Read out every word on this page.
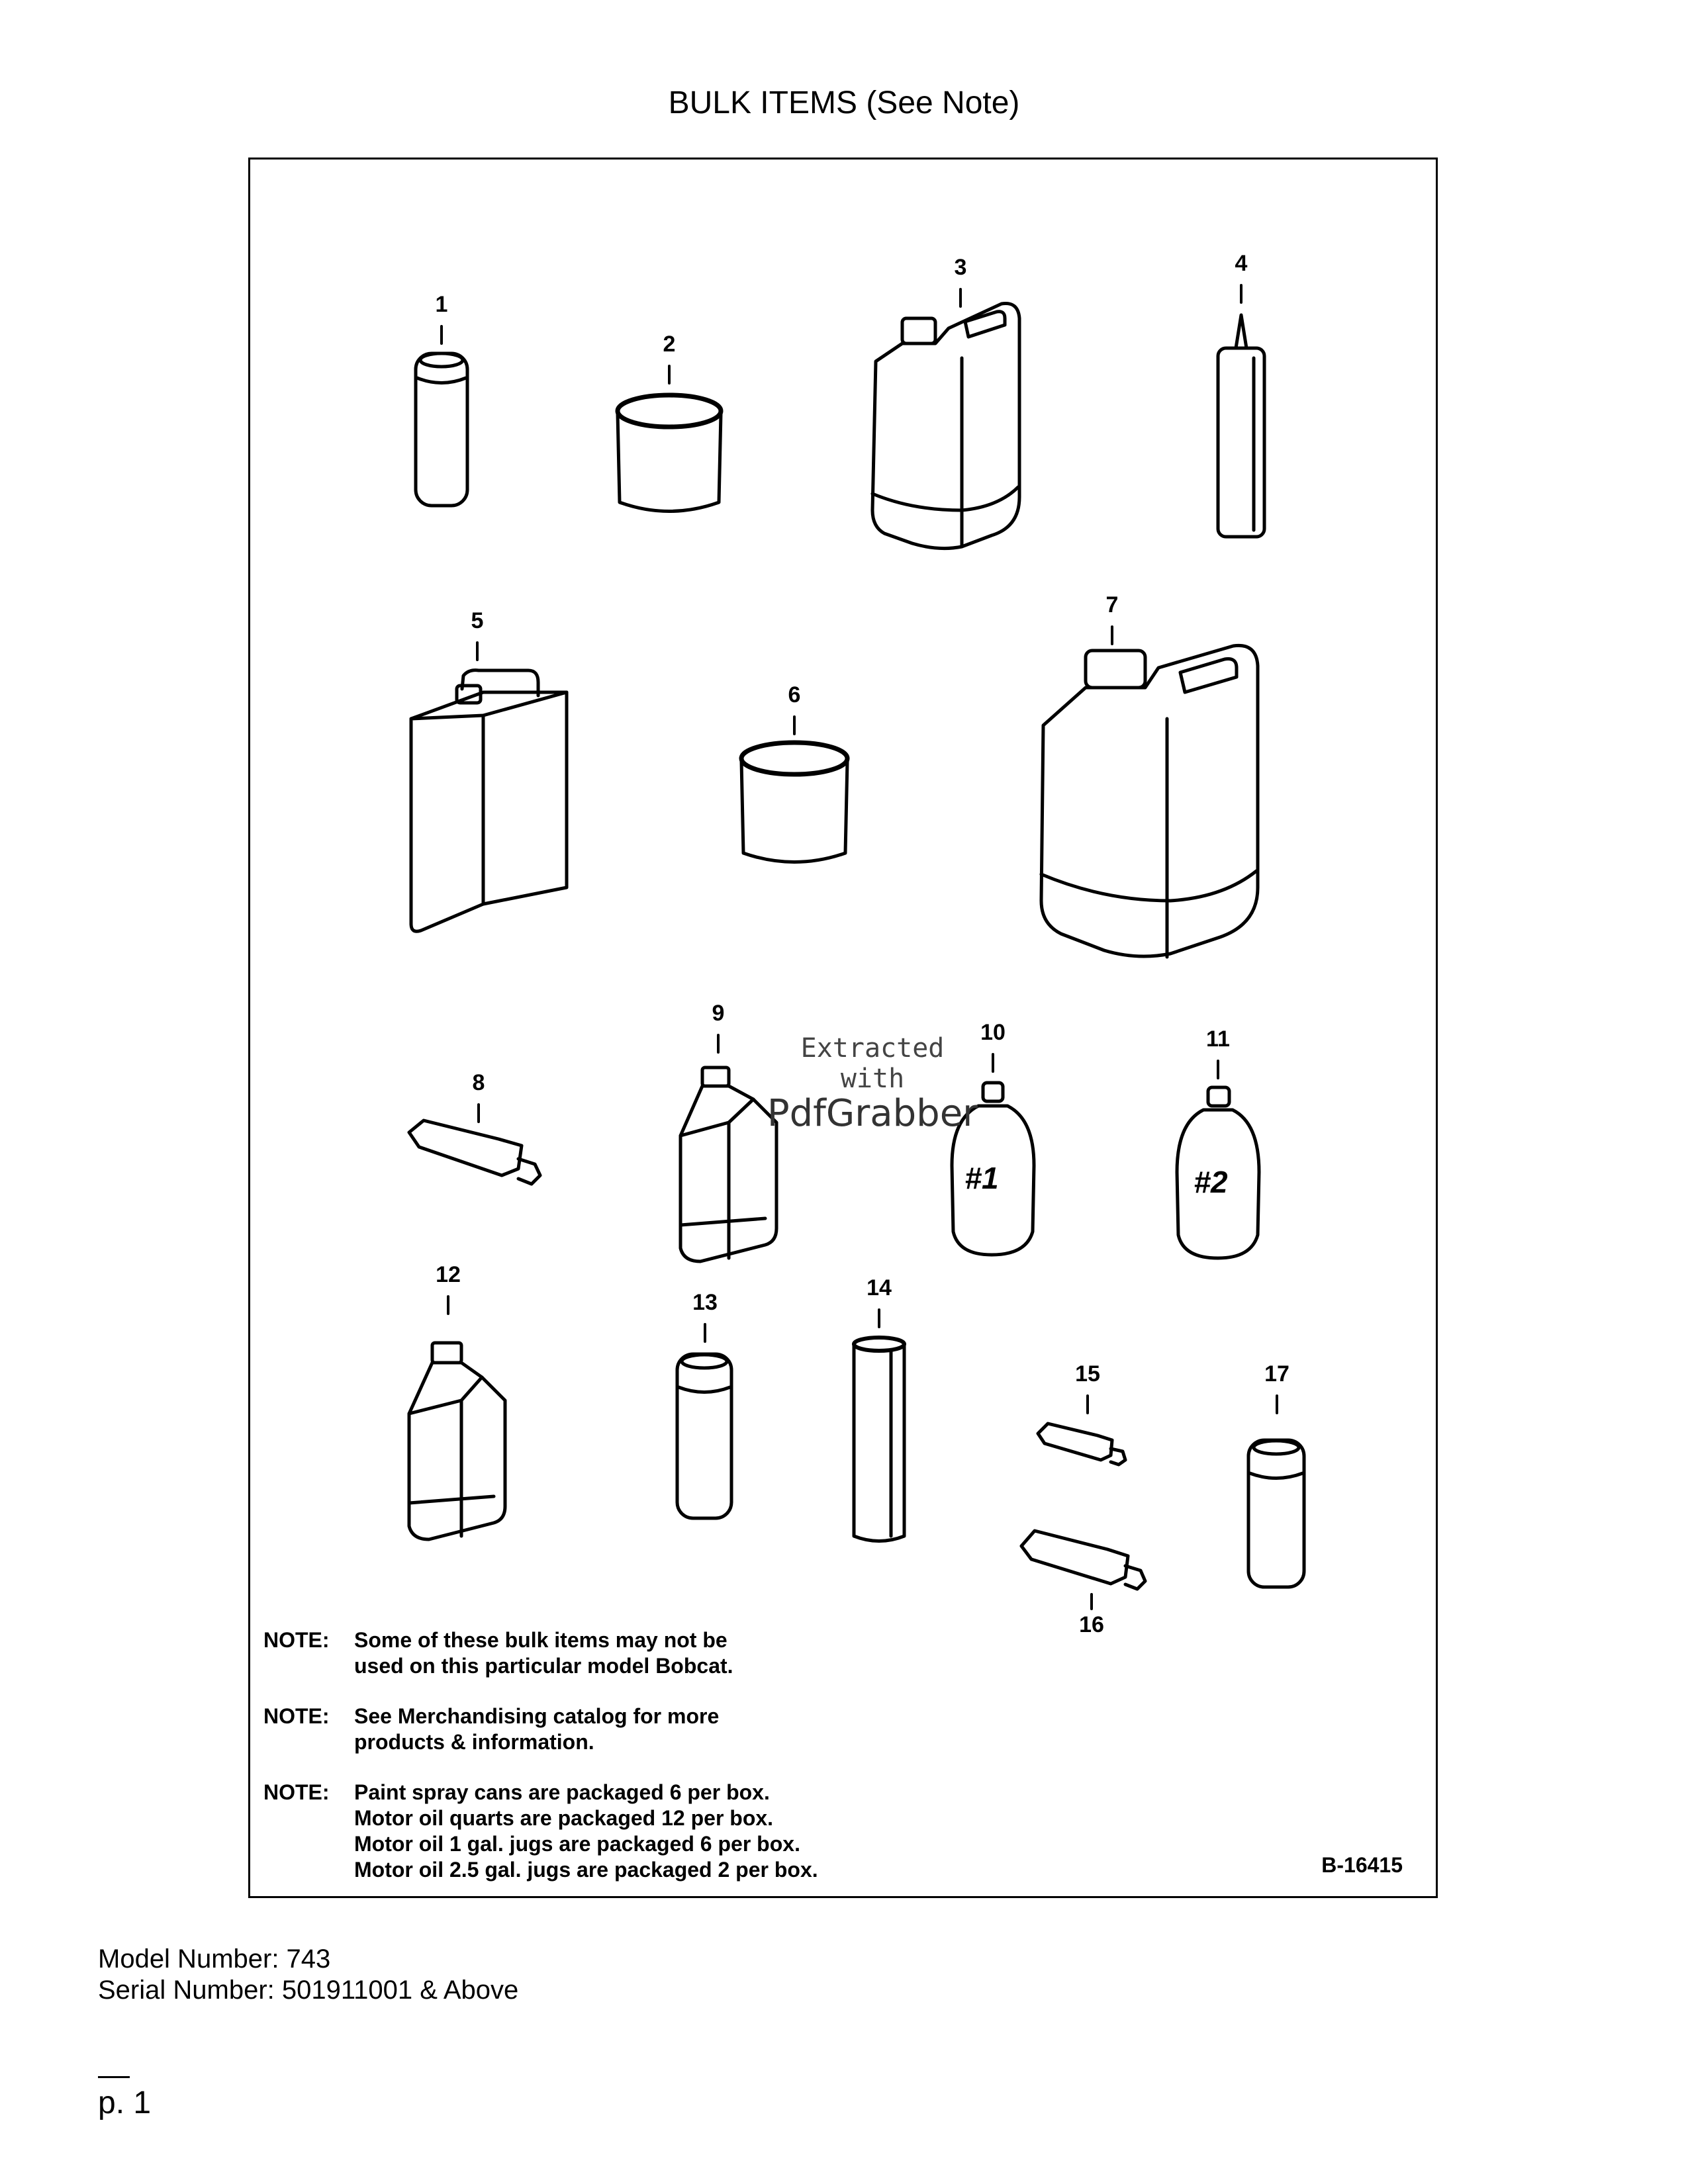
BULK ITEMS (See Note)
1
2
3	4
5
6
7
8
9
10	11
12
13
14
15
16
17
#1	#2
Extracted
with
PdfGrabber
NOTE:	Some of these bulk items may not be
used on this particular model Bobcat.
NOTE:	See Merchandising catalog for more
products & information.
NOTE:	Paint spray cans are packaged 6 per box.
Motor oil quarts are packaged 12 per box.
Motor oil 1 gal. jugs are packaged 6 per box.
Motor oil 2.5 gal. jugs are packaged 2 per box.	B-16415
Model Number: 743
Serial Number: 501911001 & Above
p. 1
